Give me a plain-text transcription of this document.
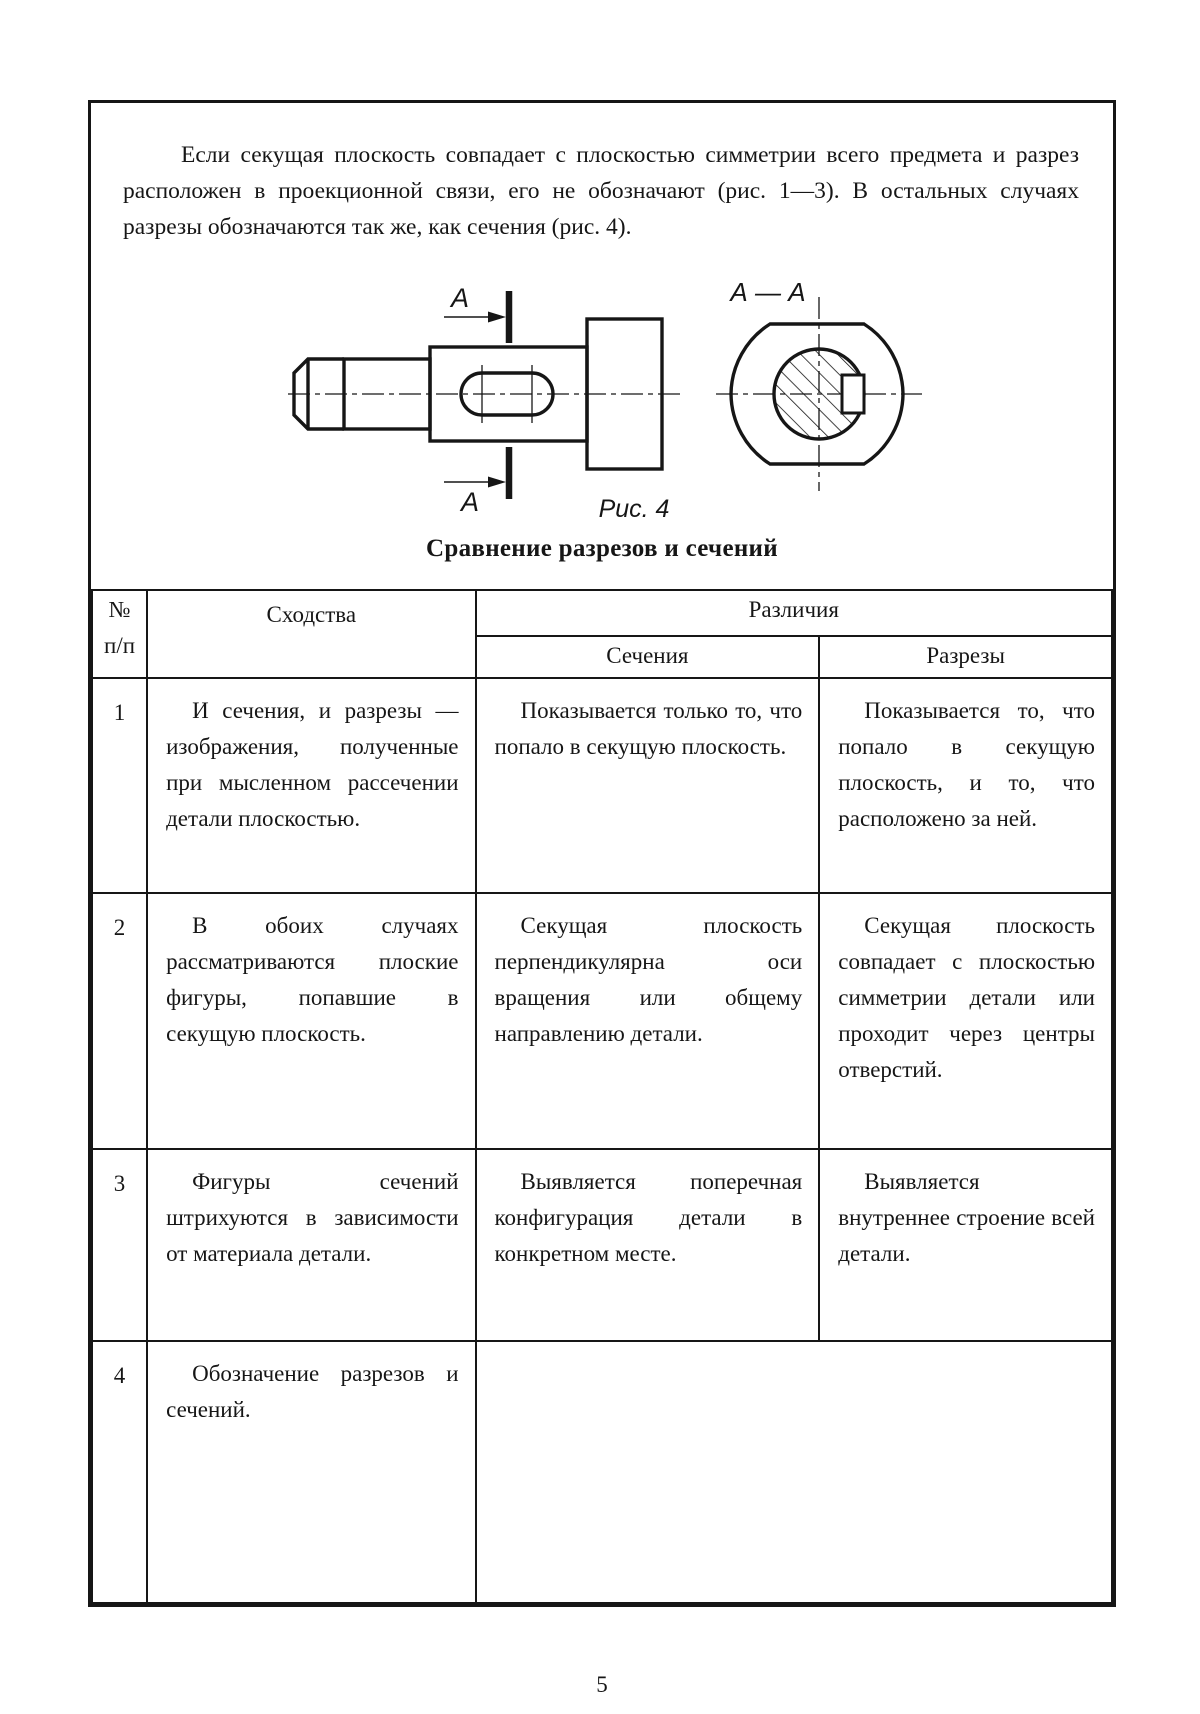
Если секущая плоскость совпадает с плоскостью симметрии всего предмета и разрез расположен в проекционной связи, его не обозначают (рис. 1—3). В остальных случаях разрезы обозначаются так же, как сечения (рис. 4).

А
А
А — А
Рис. 4
Сравнение разрезов и сечений
№
п/п	Сходства	Различия	
		Сечения	Разрезы
1	И сечения, и разрезы — изображения, полученные при мысленном рассечении детали плоскостью.	Показывается только то, что попало в секущую плоскость.	Показывается то, что попало в секущую плоскость, и то, что расположено за ней.
2	В обоих случаях рассматриваются плоские фигуры, попавшие в секущую плоскость.	Секущая плоскость перпендикулярна оси вращения или общему направлению детали.	Секущая плоскость совпадает с плоскостью симметрии детали или проходит через центры отверстий.
3	Фигуры сечений штрихуются в зависимости от материала детали.	Выявляется поперечная конфигурация детали в конкретном месте.	Выявляется внутреннее строение всей детали.
4	Обозначение разрезов и сечений.		
5
